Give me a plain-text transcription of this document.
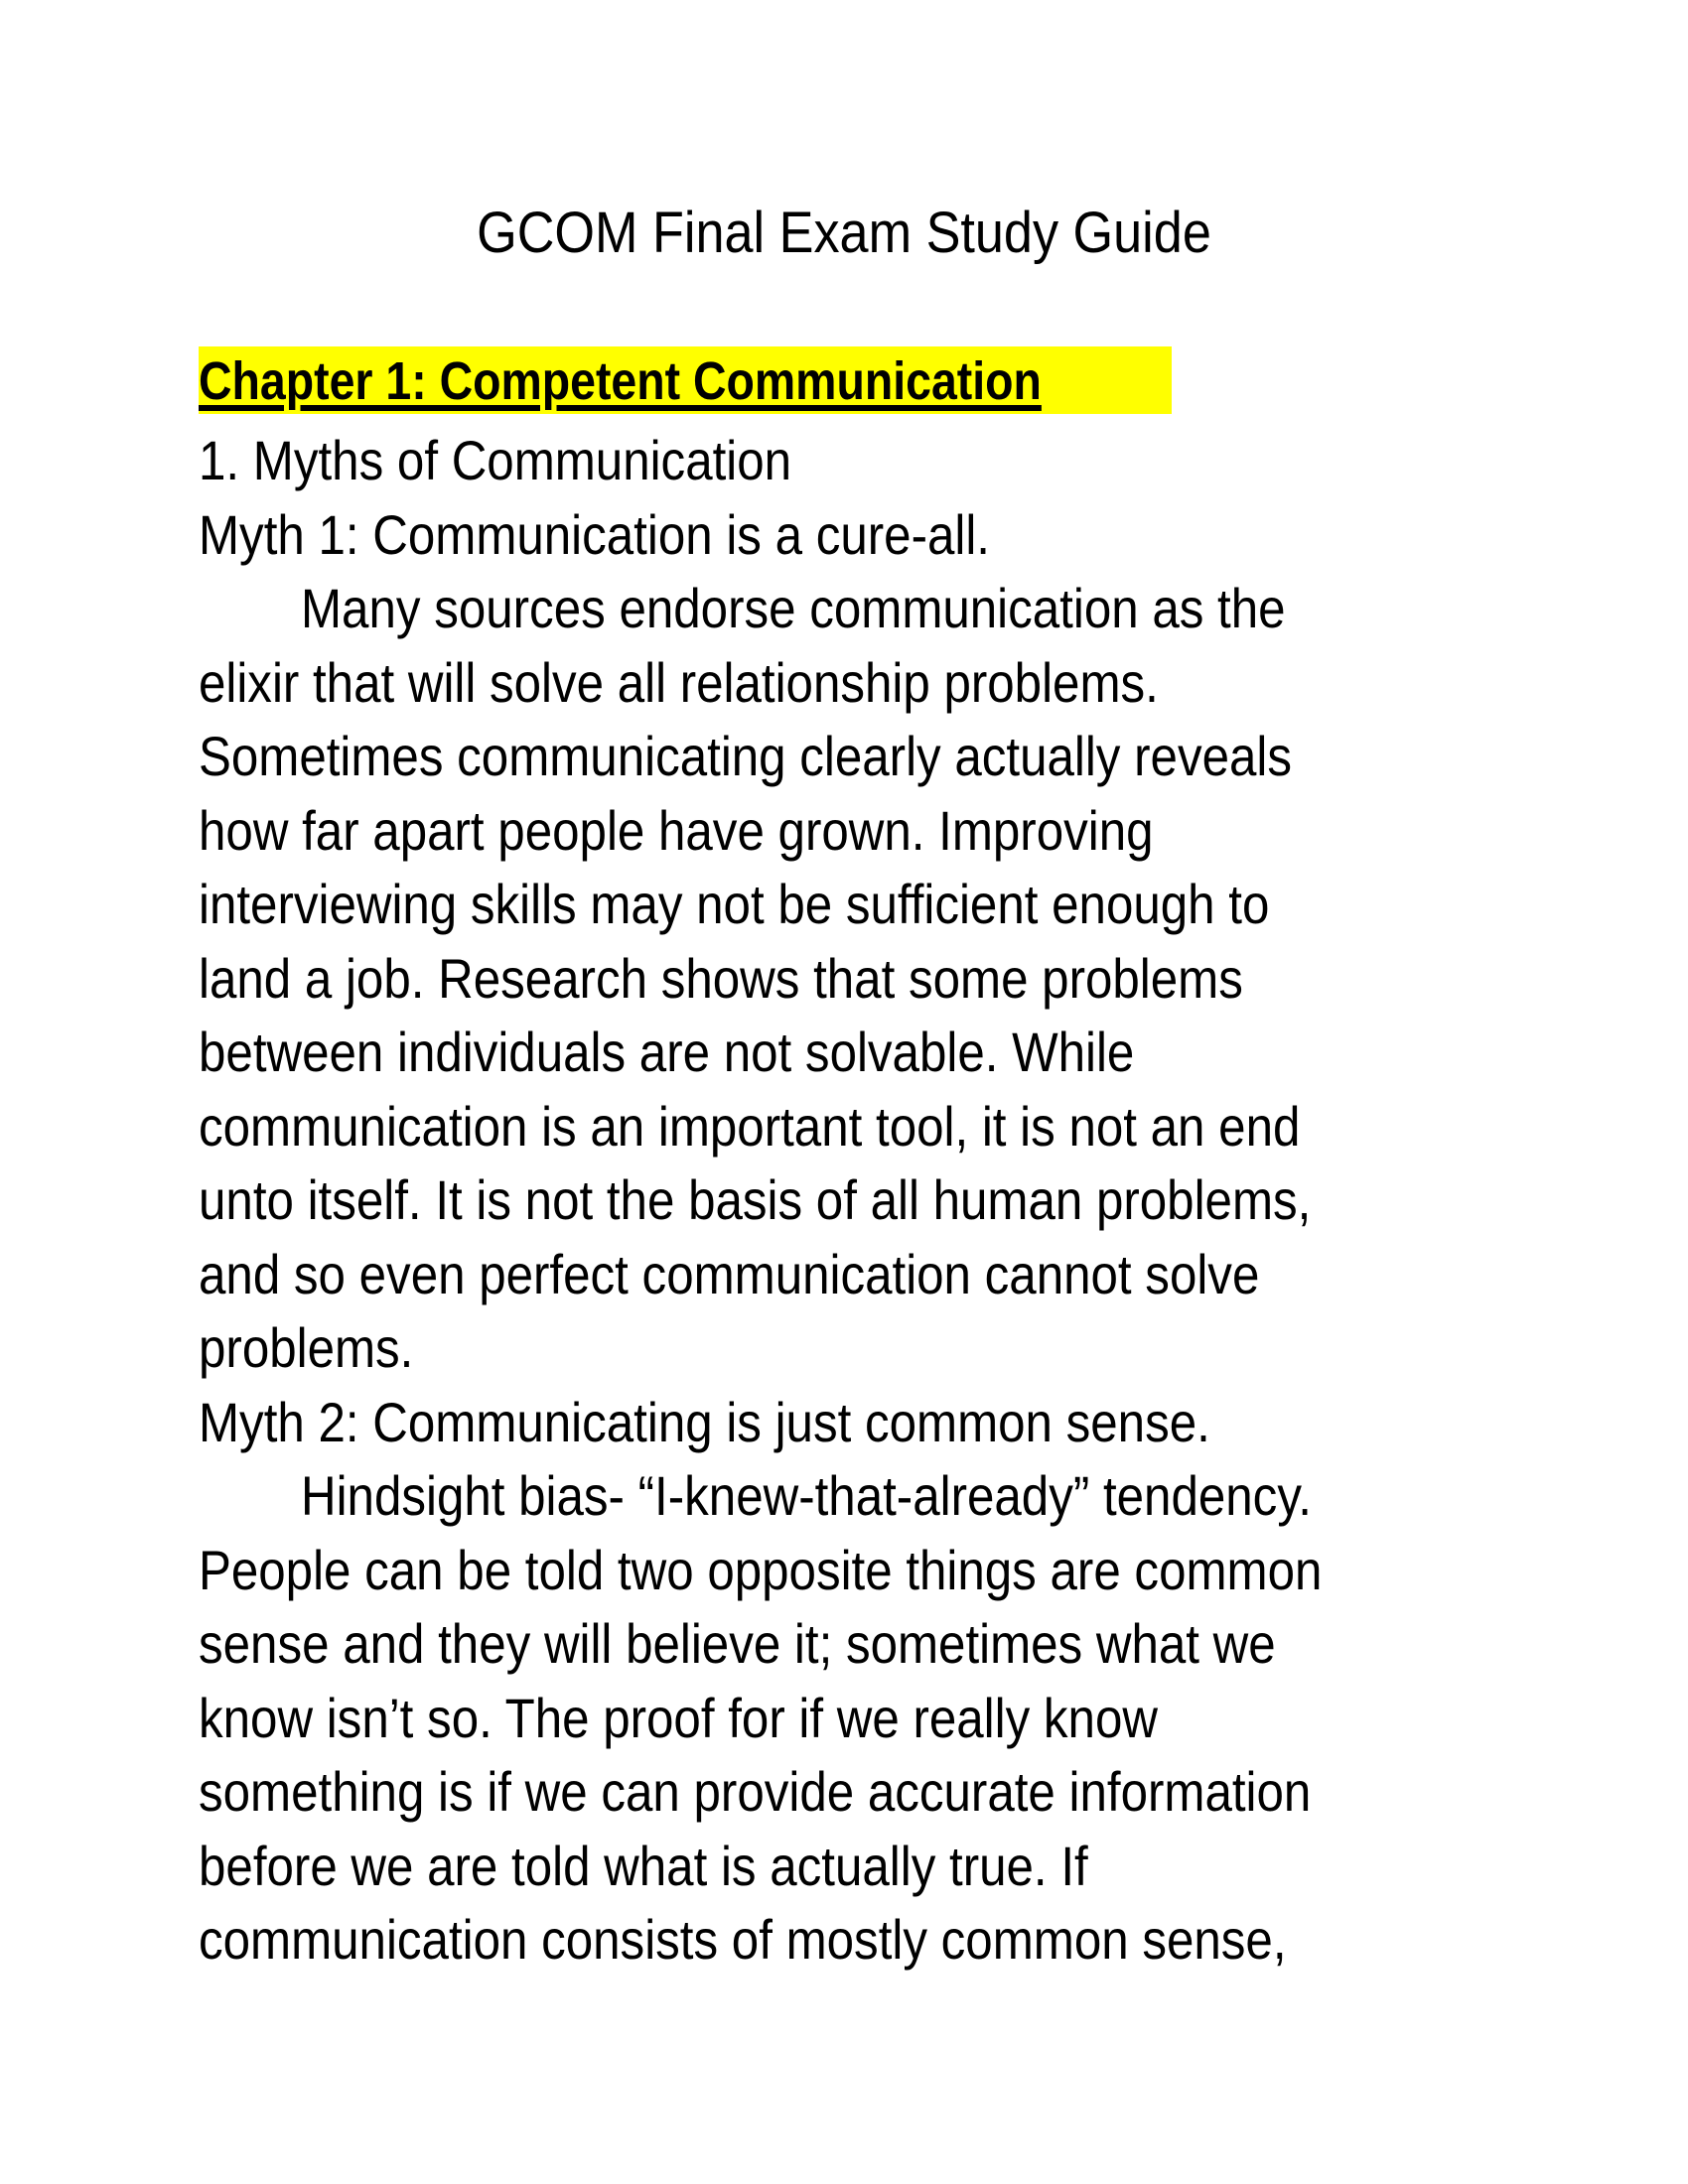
GCOM Final Exam Study Guide
Chapter 1: Competent Communication
1. Myths of Communication
Myth 1: Communication is a cure-all.
Many sources endorse communication as the
elixir that will solve all relationship problems.
Sometimes communicating clearly actually reveals
how far apart people have grown. Improving
interviewing skills may not be sufficient enough to
land a job. Research shows that some problems
between individuals are not solvable. While
communication is an important tool, it is not an end
unto itself. It is not the basis of all human problems,
and so even perfect communication cannot solve
problems.
Myth 2: Communicating is just common sense.
Hindsight bias- “I-knew-that-already” tendency.
People can be told two opposite things are common
sense and they will believe it; sometimes what we
know isn’t so. The proof for if we really know
something is if we can provide accurate information
before we are told what is actually true. If
communication consists of mostly common sense,
